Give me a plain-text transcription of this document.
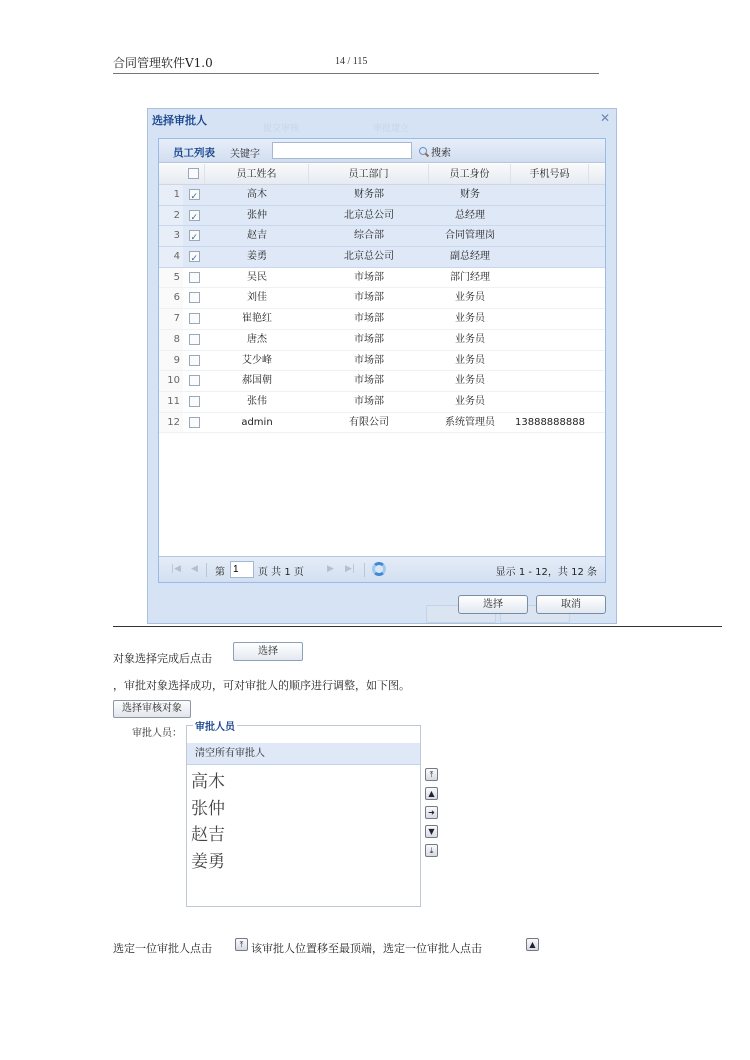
合同管理软件V1.0	14 / 115
选择审批人
提交审核	审批建立
✕
员工列表 关键字	搜索
员工姓名	员工部门	员工身份	手机号码
1 ✓	高木	财务部	财务
2 ✓	张仲	北京总公司	总经理
3 ✓	赵吉	综合部	合同管理岗
4 ✓	姜勇	北京总公司	副总经理
5	吴民	市场部	部门经理
6	刘佳	市场部	业务员
7	崔艳红	市场部	业务员
8	唐杰	市场部	业务员
9	艾少峰	市场部	业务员
10	郝国朝	市场部	业务员
11	张伟	市场部	业务员
12	admin	有限公司	系统管理员	13888888888
|◀ ◀ 第
1	页 共 1 页	▶ ▶|	显示 1 - 12，共 12 条
选择	取消
对象选择完成后点击
选择
，审批对象选择成功，可对审批人的顺序进行调整，如下图。
选择审核对象
审批人员：
审批人员
清空所有审批人
高木
张仲
赵吉
姜勇
⤒
▲
➜
▼
⤓
选定一位审批人点击	⤒ 该审批人位置移至最顶端，选定一位审批人点击	▲
